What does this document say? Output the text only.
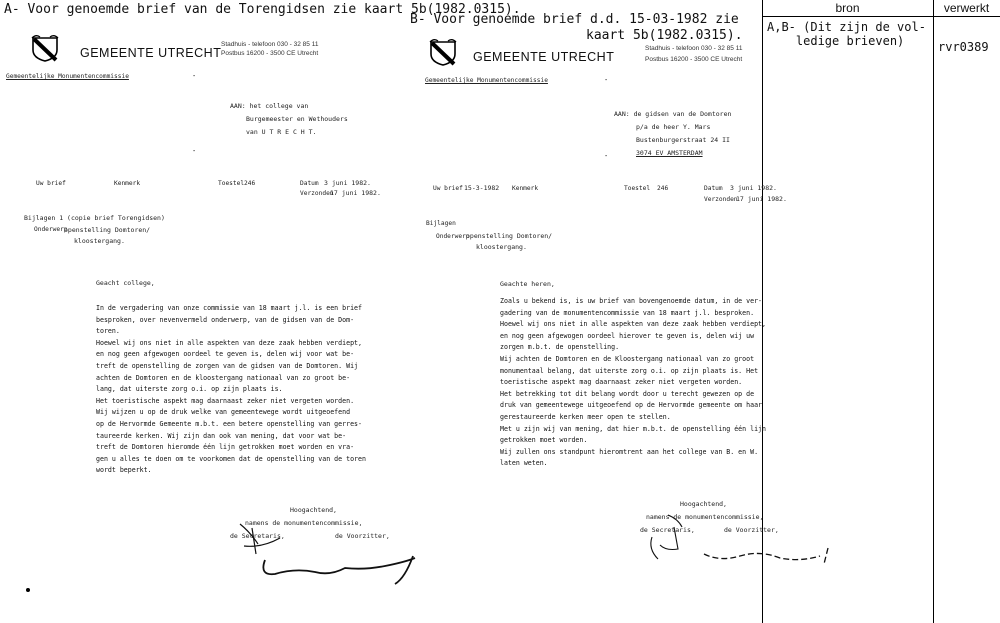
A- Voor genoemde brief van de Torengidsen zie kaart 5b(1982.0315).
B- Voor genoemde brief d.d. 15-03-1982 zie
kaart 5b(1982.0315).
bron	verwerkt
A,B- (Dit zijn de vol-
ledige brieven)	rvr0389
GEMEENTE UTRECHT
Stadhuis - telefoon 030 - 32 85 11
Postbus 16200 - 3500 CE Utrecht
Gemeentelijke Monumentencommissie	-
AAN: het college van
Burgemeester en Wethouders
van U T R E C H T.
-
Uw brief	Kenmerk	Toestel 246	Datum 3 juni 1982.
Verzonden
17 juni 1982.
Bijlagen 1 (copie brief Torengidsen)
Onderwerp
openstelling Domtoren/
kloostergang.
Geacht college,
In de vergadering van onze commissie van 18 maart j.l. is een brief
besproken, over nevenvermeld onderwerp, van de gidsen van de Dom-
toren.
Hoewel wij ons niet in alle aspekten van deze zaak hebben verdiept,
en nog geen afgewogen oordeel te geven is, delen wij voor wat be-
treft de openstelling de zorgen van de gidsen van de Domtoren. Wij
achten de Domtoren en de kloostergang nationaal van zo groot be-
lang, dat uiterste zorg o.i. op zijn plaats is.
Het toeristische aspekt mag daarnaast zeker niet vergeten worden.
Wij wijzen u op de druk welke van gemeentewege wordt uitgeoefend
op de Hervormde Gemeente m.b.t. een betere openstelling van gerres-
taureerde kerken. Wij zijn dan ook van mening, dat voor wat be-
treft de Domtoren hieromde één lijn getrokken moet worden en vra-
gen u alles te doen om te voorkomen dat de openstelling van de toren
wordt beperkt.
Hoogachtend,
namens de monumentencommissie,
de Secretaris,	de Voorzitter,
GEMEENTE UTRECHT
Stadhuis - telefoon 030 - 32 85 11
Postbus 16200 - 3500 CE Utrecht
Gemeentelijke Monumentencommissie	-
AAN: de gidsen van de Domtoren
p/a de heer Y. Mars
Bustenburgerstraat 24 II
3074 EV AMSTERDAM
-
Uw brief 15-3-1982 Kenmerk	Toestel 246	Datum 3 juni 1982.
Verzonden
17 juni 1982.
Bijlagen
Onderwerp
openstelling Domtoren/
kloostergang.
Geachte heren,
Zoals u bekend is, is uw brief van bovengenoemde datum, in de ver-
gadering van de monumentencommissie van 18 maart j.l. besproken.
Hoewel wij ons niet in alle aspekten van deze zaak hebben verdiept,
en nog geen afgewogen oordeel hierover te geven is, delen wij uw
zorgen m.b.t. de openstelling.
Wij achten de Domtoren en de Kloostergang nationaal van zo groot
monumentaal belang, dat uiterste zorg o.i. op zijn plaats is. Het
toeristische aspekt mag daarnaast zeker niet vergeten worden.
Het betrekking tot dit belang wordt door u terecht gewezen op de
druk van gemeentewege uitgeoefend op de Hervormde gemeente om haar
gerestaureerde kerken meer open te stellen.
Met u zijn wij van mening, dat hier m.b.t. de openstelling één lijn
getrokken moet worden.
Wij zullen ons standpunt hieromtrent aan het college van B. en W.
laten weten.
Hoogachtend,
namens de monumentencommissie,
de Secretaris,	de Voorzitter,
